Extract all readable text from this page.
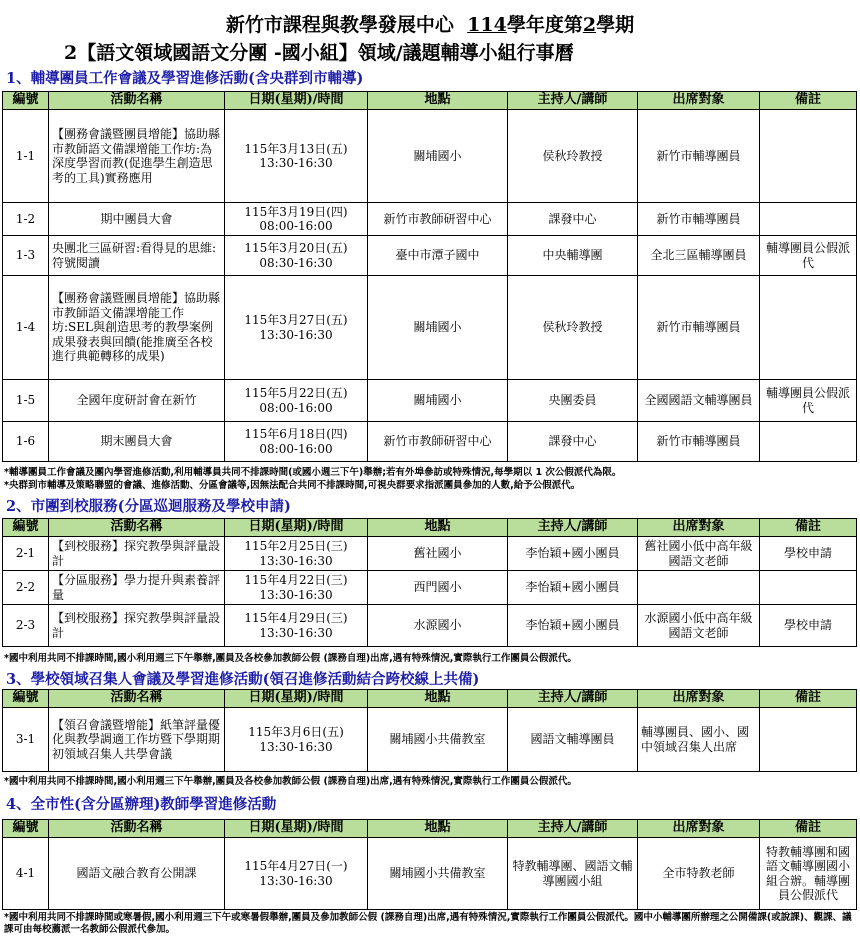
新竹市課程與教學發展中心 114學年度第2學期
2【語文領域國語文分團 -國小組】領域/議題輔導小組行事曆
1、輔導團員工作會議及學習進修活動(含央群到市輔導)
編號	活動名稱	日期(星期)/時間	地點	主持人/講師	出席對象	備註
1-1	【團務會議暨團員增能】協助縣市教師語文備課增能工作坊:為深度學習而教(促進學生創造思考的工具)實務應用	115年3月13日(五)
13:30-16:30	關埔國小	侯秋玲教授	新竹市輔導團員	
1-2	期中團員大會	115年3月19日(四)
08:00-16:00	新竹市教師研習中心	課發中心	新竹市輔導團員	
1-3	央團北三區研習:看得見的思維:符號閱讀	115年3月20日(五)
08:30-16:30	臺中市潭子國中	中央輔導團	全北三區輔導團員	輔導團員公假派代
1-4	【團務會議暨團員增能】協助縣市教師語文備課增能工作坊:SEL與創造思考的教學案例成果發表與回饋(能推廣至各校進行典範轉移的成果)	115年3月27日(五)
13:30-16:30	關埔國小	侯秋玲教授	新竹市輔導團員	
1-5	全國年度研討會在新竹	115年5月22日(五)
08:00-16:00	關埔國小	央團委員	全國國語文輔導團員	輔導團員公假派代
1-6	期末團員大會	115年6月18日(四)
08:00-16:00	新竹市教師研習中心	課發中心	新竹市輔導團員	
*輔導團員工作會議及團內學習進修活動,利用輔導員共同不排課時間(或國小週三下午)舉辦;若有外埠參訪或特殊情況,每學期以 1 次公假派代為限。
*央群到市輔導及策略聯盟的會議、進修活動、分區會議等,因無法配合共同不排課時間,可視央群要求指派團員參加的人數,給予公假派代。
2、市團到校服務(分區巡迴服務及學校申請)
編號	活動名稱	日期(星期)/時間	地點	主持人/講師	出席對象	備註
2-1	【到校服務】探究教學與評量設計	115年2月25日(三)
13:30-16:30	舊社國小	李怡穎+國小團員	舊社國小低中高年級國語文老師	學校申請
2-2	【分區服務】學力提升與素養評量	115年4月22日(三)
13:30-16:30	西門國小	李怡穎+國小團員		
2-3	【到校服務】探究教學與評量設計	115年4月29日(三)
13:30-16:30	水源國小	李怡穎+國小團員	水源國小低中高年級國語文老師	學校申請
*國中利用共同不排課時間,國小利用週三下午舉辦,團員及各校參加教師公假 (課務自理)出席,遇有特殊情況,實際執行工作團員公假派代。
3、學校領域召集人會議及學習進修活動(領召進修活動結合跨校線上共備)
編號	活動名稱	日期(星期)/時間	地點	主持人/講師	出席對象	備註
3-1	【領召會議暨增能】紙筆評量優化與教學調適工作坊暨下學期期初領域召集人共學會議	115年3月6日(五)
13:30-16:30	關埔國小共備教室	國語文輔導團員	輔導團員、國小、國中領域召集人出席	
*國中利用共同不排課時間,國小利用週三下午舉辦,團員及各校參加教師公假 (課務自理)出席,遇有特殊情況,實際執行工作團員公假派代。
4、全市性(含分區辦理)教師學習進修活動
編號	活動名稱	日期(星期)/時間	地點	主持人/講師	出席對象	備註
4-1	國語文融合教育公開課	115年4月27日(一)
13:30-16:30	關埔國小共備教室	特教輔導團、國語文輔導團國小組	全市特教老師	特教輔導團和國語文輔導團國小組合辦。輔導團員公假派代
*國中利用共同不排課時間或寒暑假,國小利用週三下午或寒暑假舉辦,團員及參加教師公假 (課務自理)出席,遇有特殊情況,實際執行工作團員公假派代。國中小輔導團所辦理之公開備課(或說課)、觀課、議課可由每校薦派一名教師公假派代參加。
